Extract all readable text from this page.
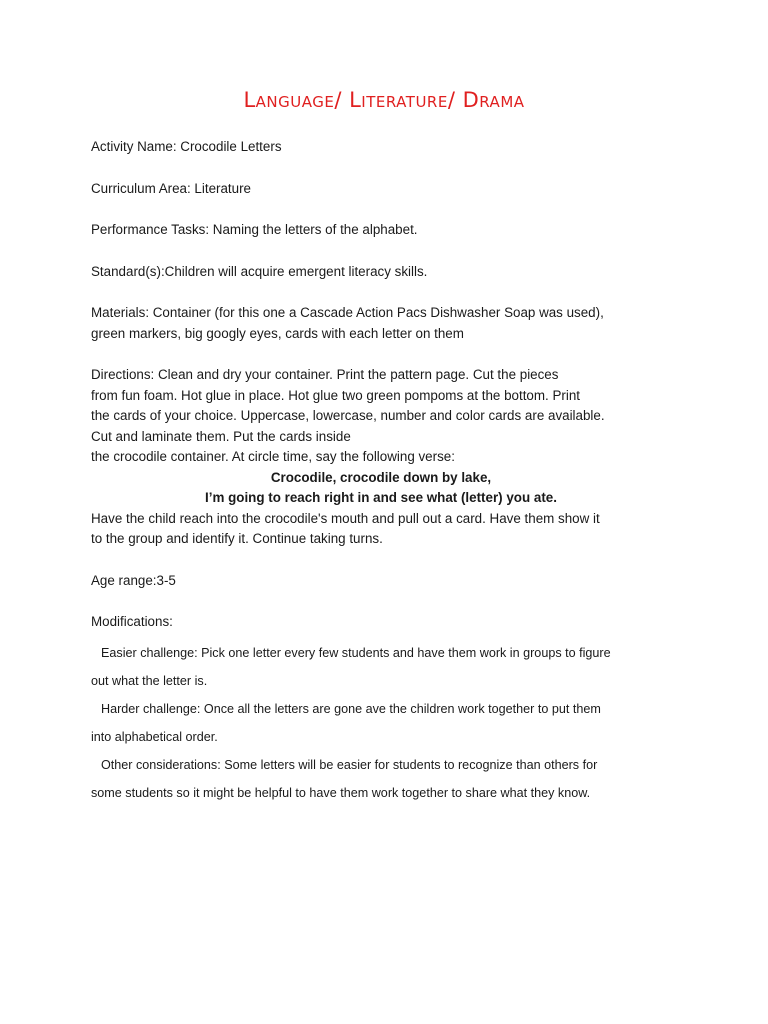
Language/ Literature/ Drama

Activity Name: Crocodile Letters

Curriculum Area: Literature

Performance Tasks: Naming the letters of the alphabet.

Standard(s):Children will acquire emergent literacy skills.

Materials: Container (for this one a Cascade Action Pacs Dishwasher Soap was used),

green markers, big googly eyes, cards with each letter on them

Directions: Clean and dry your container. Print the pattern page. Cut the pieces

from fun foam. Hot glue in place. Hot glue two green pompoms at the bottom. Print

the cards of your choice. Uppercase, lowercase, number and color cards are available.

Cut and laminate them. Put the cards inside

the crocodile container. At circle time, say the following verse:

Crocodile, crocodile down by lake,

I’m going to reach right in and see what (letter) you ate.

Have the child reach into the crocodile's mouth and pull out a card. Have them show it

to the group and identify it. Continue taking turns.

Age range:3-5

Modifications:

Easier challenge: Pick one letter every few students and have them work in groups to figure

out what the letter is.

Harder challenge: Once all the letters are gone ave the children work together to put them

into alphabetical order.

Other considerations: Some letters will be easier for students to recognize than others for

some students so it might be helpful to have them work together to share what they know.
